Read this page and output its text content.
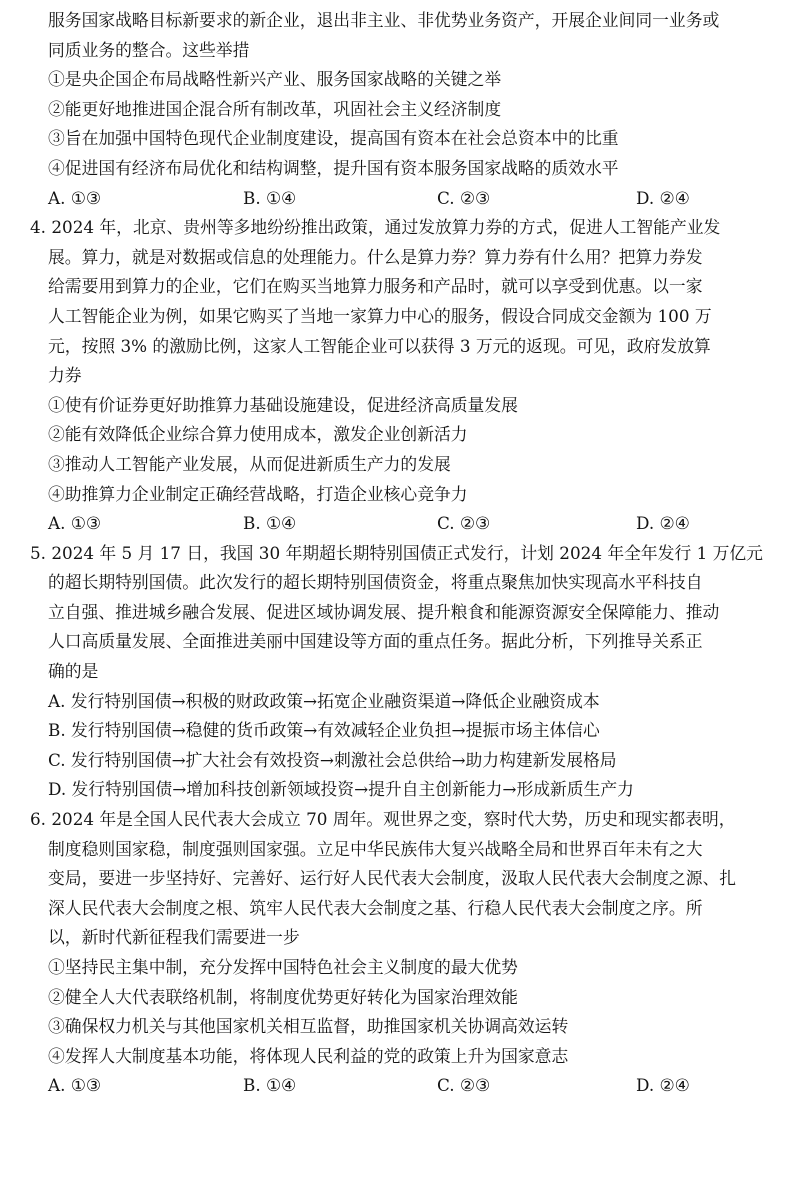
服务国家战略目标新要求的新企业，退出非主业、非优势业务资产，开展企业间同一业务或
同质业务的整合。这些举措
①是央企国企布局战略性新兴产业、服务国家战略的关键之举
②能更好地推进国企混合所有制改革，巩固社会主义经济制度
③旨在加强中国特色现代企业制度建设，提高国有资本在社会总资本中的比重
④促进国有经济布局优化和结构调整，提升国有资本服务国家战略的质效水平
A. ①③	B. ①④	C. ②③	D. ②④
4. 2024 年，北京、贵州等多地纷纷推出政策，通过发放算力券的方式，促进人工智能产业发
展。算力，就是对数据或信息的处理能力。什么是算力券？算力券有什么用？把算力券发
给需要用到算力的企业，它们在购买当地算力服务和产品时，就可以享受到优惠。以一家
人工智能企业为例，如果它购买了当地一家算力中心的服务，假设合同成交金额为 100 万
元，按照 3% 的激励比例，这家人工智能企业可以获得 3 万元的返现。可见，政府发放算
力券
①使有价证券更好助推算力基础设施建设，促进经济高质量发展
②能有效降低企业综合算力使用成本，激发企业创新活力
③推动人工智能产业发展，从而促进新质生产力的发展
④助推算力企业制定正确经营战略，打造企业核心竞争力
A. ①③	B. ①④	C. ②③	D. ②④
5. 2024 年 5 月 17 日，我国 30 年期超长期特别国债正式发行，计划 2024 年全年发行 1 万亿元
的超长期特别国债。此次发行的超长期特别国债资金，将重点聚焦加快实现高水平科技自
立自强、推进城乡融合发展、促进区域协调发展、提升粮食和能源资源安全保障能力、推动
人口高质量发展、全面推进美丽中国建设等方面的重点任务。据此分析，下列推导关系正
确的是
A. 发行特别国债→积极的财政政策→拓宽企业融资渠道→降低企业融资成本
B. 发行特别国债→稳健的货币政策→有效减轻企业负担→提振市场主体信心
C. 发行特别国债→扩大社会有效投资→刺激社会总供给→助力构建新发展格局
D. 发行特别国债→增加科技创新领域投资→提升自主创新能力→形成新质生产力
6. 2024 年是全国人民代表大会成立 70 周年。观世界之变，察时代大势，历史和现实都表明，
制度稳则国家稳，制度强则国家强。立足中华民族伟大复兴战略全局和世界百年未有之大
变局，要进一步坚持好、完善好、运行好人民代表大会制度，汲取人民代表大会制度之源、扎
深人民代表大会制度之根、筑牢人民代表大会制度之基、行稳人民代表大会制度之序。所
以，新时代新征程我们需要进一步
①坚持民主集中制，充分发挥中国特色社会主义制度的最大优势
②健全人大代表联络机制，将制度优势更好转化为国家治理效能
③确保权力机关与其他国家机关相互监督，助推国家机关协调高效运转
④发挥人大制度基本功能，将体现人民利益的党的政策上升为国家意志
A. ①③	B. ①④	C. ②③	D. ②④
